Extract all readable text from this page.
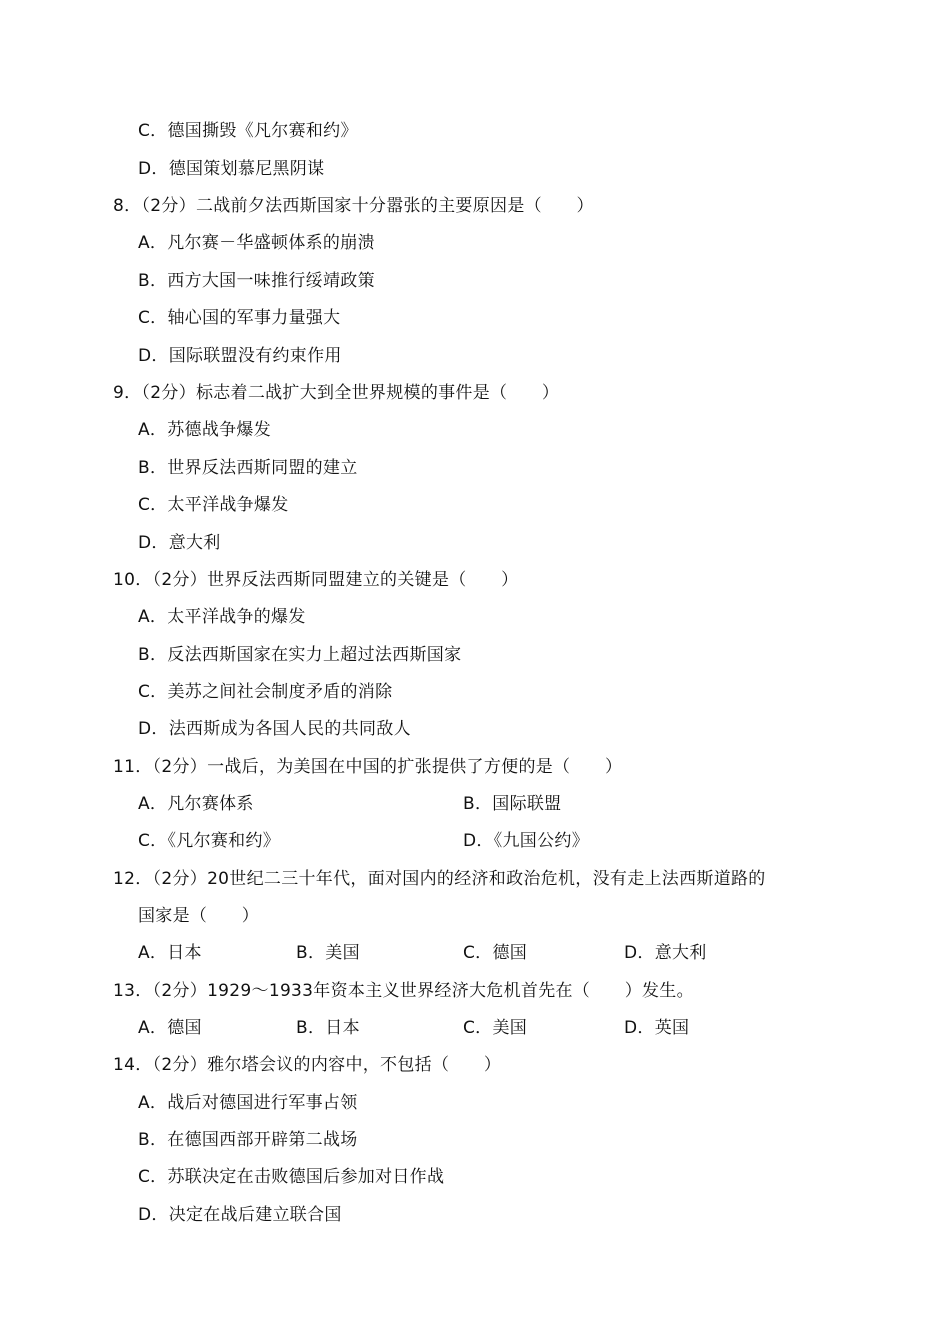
C．德国撕毁《凡尔赛和约》
D．德国策划慕尼黑阴谋
8．（2分）二战前夕法西斯国家十分嚣张的主要原因是（　　）
A．凡尔赛－华盛顿体系的崩溃
B．西方大国一味推行绥靖政策
C．轴心国的军事力量强大
D．国际联盟没有约束作用
9．（2分）标志着二战扩大到全世界规模的事件是（　　）
A．苏德战争爆发
B．世界反法西斯同盟的建立
C．太平洋战争爆发
D．意大利
10．（2分）世界反法西斯同盟建立的关键是（　　）
A．太平洋战争的爆发
B．反法西斯国家在实力上超过法西斯国家
C．美苏之间社会制度矛盾的消除
D．法西斯成为各国人民的共同敌人
11．（2分）一战后，为美国在中国的扩张提供了方便的是（　　）
A．凡尔赛体系	B．国际联盟
C．《凡尔赛和约》	D．《九国公约》
12．（2分）20世纪二三十年代，面对国内的经济和政治危机，没有走上法西斯道路的
国家是（　　）
A．日本	B．美国	C．德国	D．意大利
13．（2分）1929～1933年资本主义世界经济大危机首先在（　　）发生。
A．德国	B．日本	C．美国	D．英国
14．（2分）雅尔塔会议的内容中，不包括（　　）
A．战后对德国进行军事占领
B．在德国西部开辟第二战场
C．苏联决定在击败德国后参加对日作战
D．决定在战后建立联合国
